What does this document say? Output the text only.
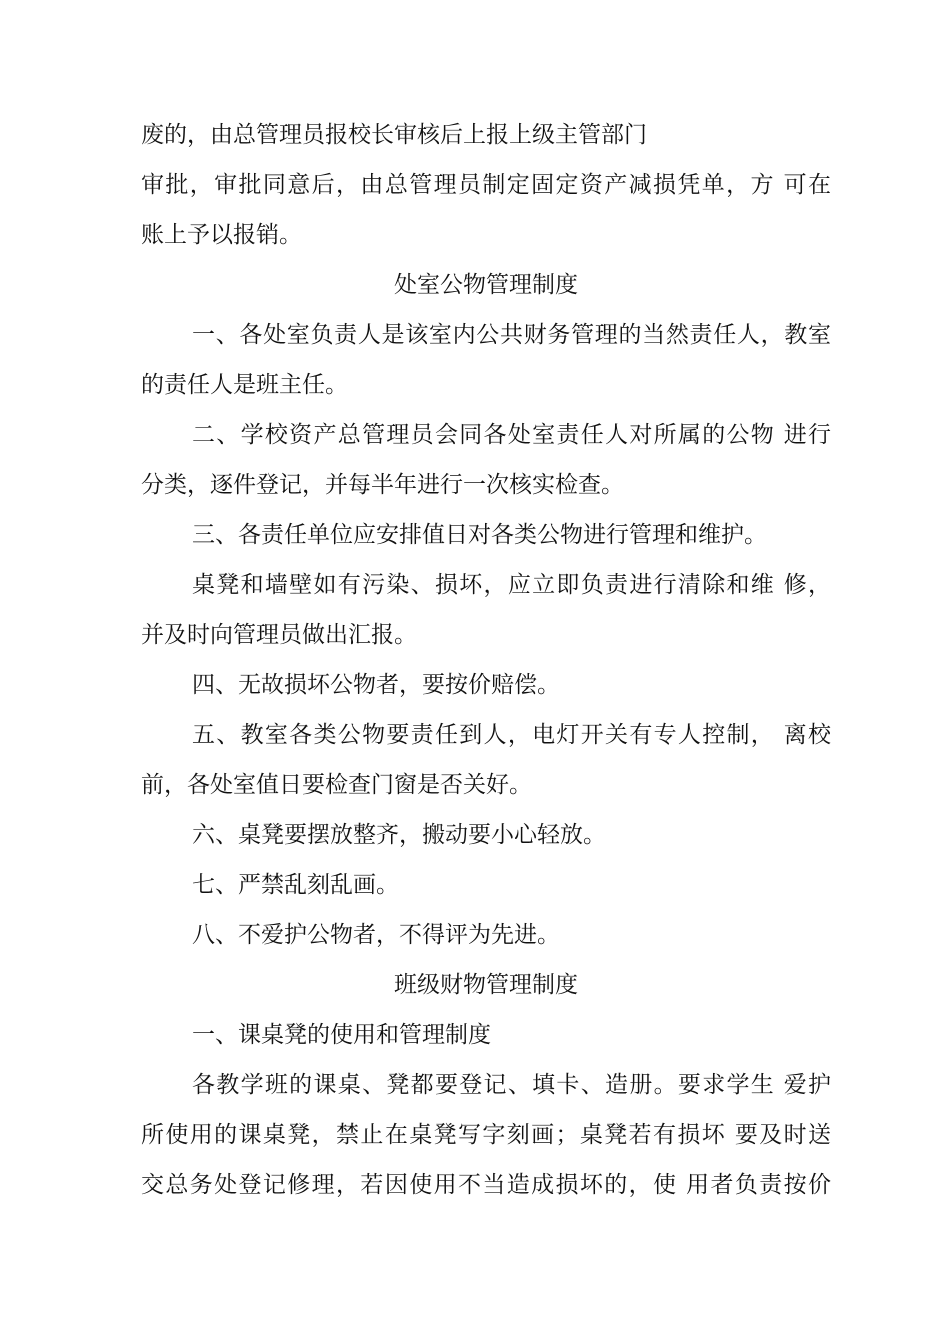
废的，由总管理员报校长审核后上报上级主管部门

审批，审批同意后，由总管理员制定固定资产减损凭单，方 可在

账上予以报销。

处室公物管理制度

一、各处室负责人是该室内公共财务管理的当然责任人，教室

的责任人是班主任。

二、学校资产总管理员会同各处室责任人对所属的公物 进行

分类，逐件登记，并每半年进行一次核实检查。

三、各责任单位应安排值日对各类公物进行管理和维护。

桌凳和墙壁如有污染、损坏，应立即负责进行清除和维 修，

并及时向管理员做出汇报。

四、无故损坏公物者，要按价赔偿。

五、教室各类公物要责任到人，电灯开关有专人控制， 离校

前，各处室值日要检查门窗是否关好。

六、桌凳要摆放整齐，搬动要小心轻放。

七、严禁乱刻乱画。

八、不爱护公物者，不得评为先进。

班级财物管理制度

一、课桌凳的使用和管理制度

各教学班的课桌、凳都要登记、填卡、造册。要求学生 爱护

所使用的课桌凳，禁止在桌凳写字刻画；桌凳若有损坏 要及时送

交总务处登记修理，若因使用不当造成损坏的，使 用者负责按价
